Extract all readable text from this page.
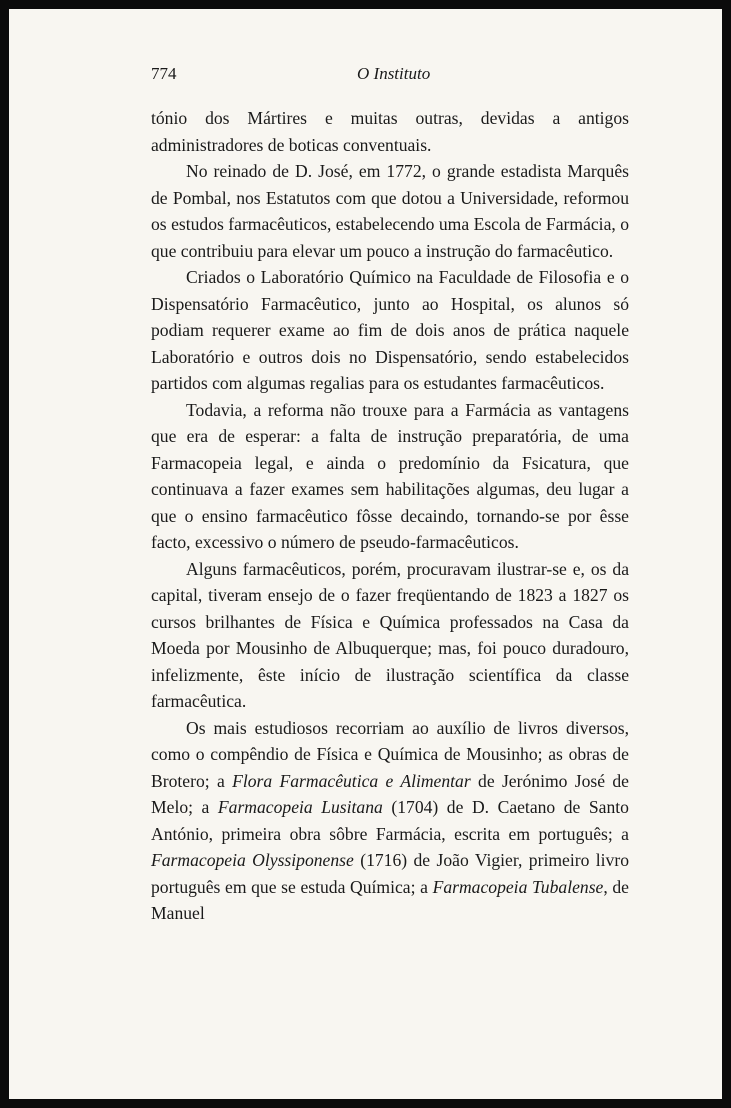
774	O Instituto

tónio dos Mártires e muitas outras, devidas a antigos administradores de boticas conventuais.

No reinado de D. José, em 1772, o grande estadista Marquês de Pombal, nos Estatutos com que dotou a Universidade, reformou os estudos farmacêuticos, estabelecendo uma Escola de Farmácia, o que contribuiu para elevar um pouco a instrução do farmacêutico.

Criados o Laboratório Químico na Faculdade de Filosofia e o Dispensatório Farmacêutico, junto ao Hospital, os alunos só podiam requerer exame ao fim de dois anos de prática naquele Laboratório e outros dois no Dispensatório, sendo estabelecidos partidos com algumas regalias para os estudantes farmacêuticos.

Todavia, a reforma não trouxe para a Farmácia as vantagens que era de esperar: a falta de instrução preparatória, de uma Farmacopeia legal, e ainda o predomínio da Fsicatura, que continuava a fazer exames sem habilitações algumas, deu lugar a que o ensino farmacêutico fôsse decaindo, tornando-se por êsse facto, excessivo o número de pseudo-farmacêuticos.

Alguns farmacêuticos, porém, procuravam ilustrar-se e, os da capital, tiveram ensejo de o fazer freqüentando de 1823 a 1827 os cursos brilhantes de Física e Química professados na Casa da Moeda por Mousinho de Albuquerque; mas, foi pouco duradouro, infelizmente, êste início de ilustração scientífica da classe farmacêutica.

Os mais estudiosos recorriam ao auxílio de livros diversos, como o compêndio de Física e Química de Mousinho; as obras de Brotero; a Flora Farmacêutica e Alimentar de Jerónimo José de Melo; a Farmacopeia Lusitana (1704) de D. Caetano de Santo António, primeira obra sôbre Farmácia, escrita em português; a Farmacopeia Olyssiponense (1716) de João Vigier, primeiro livro português em que se estuda Química; a Farmacopeia Tubalense, de Manuel
